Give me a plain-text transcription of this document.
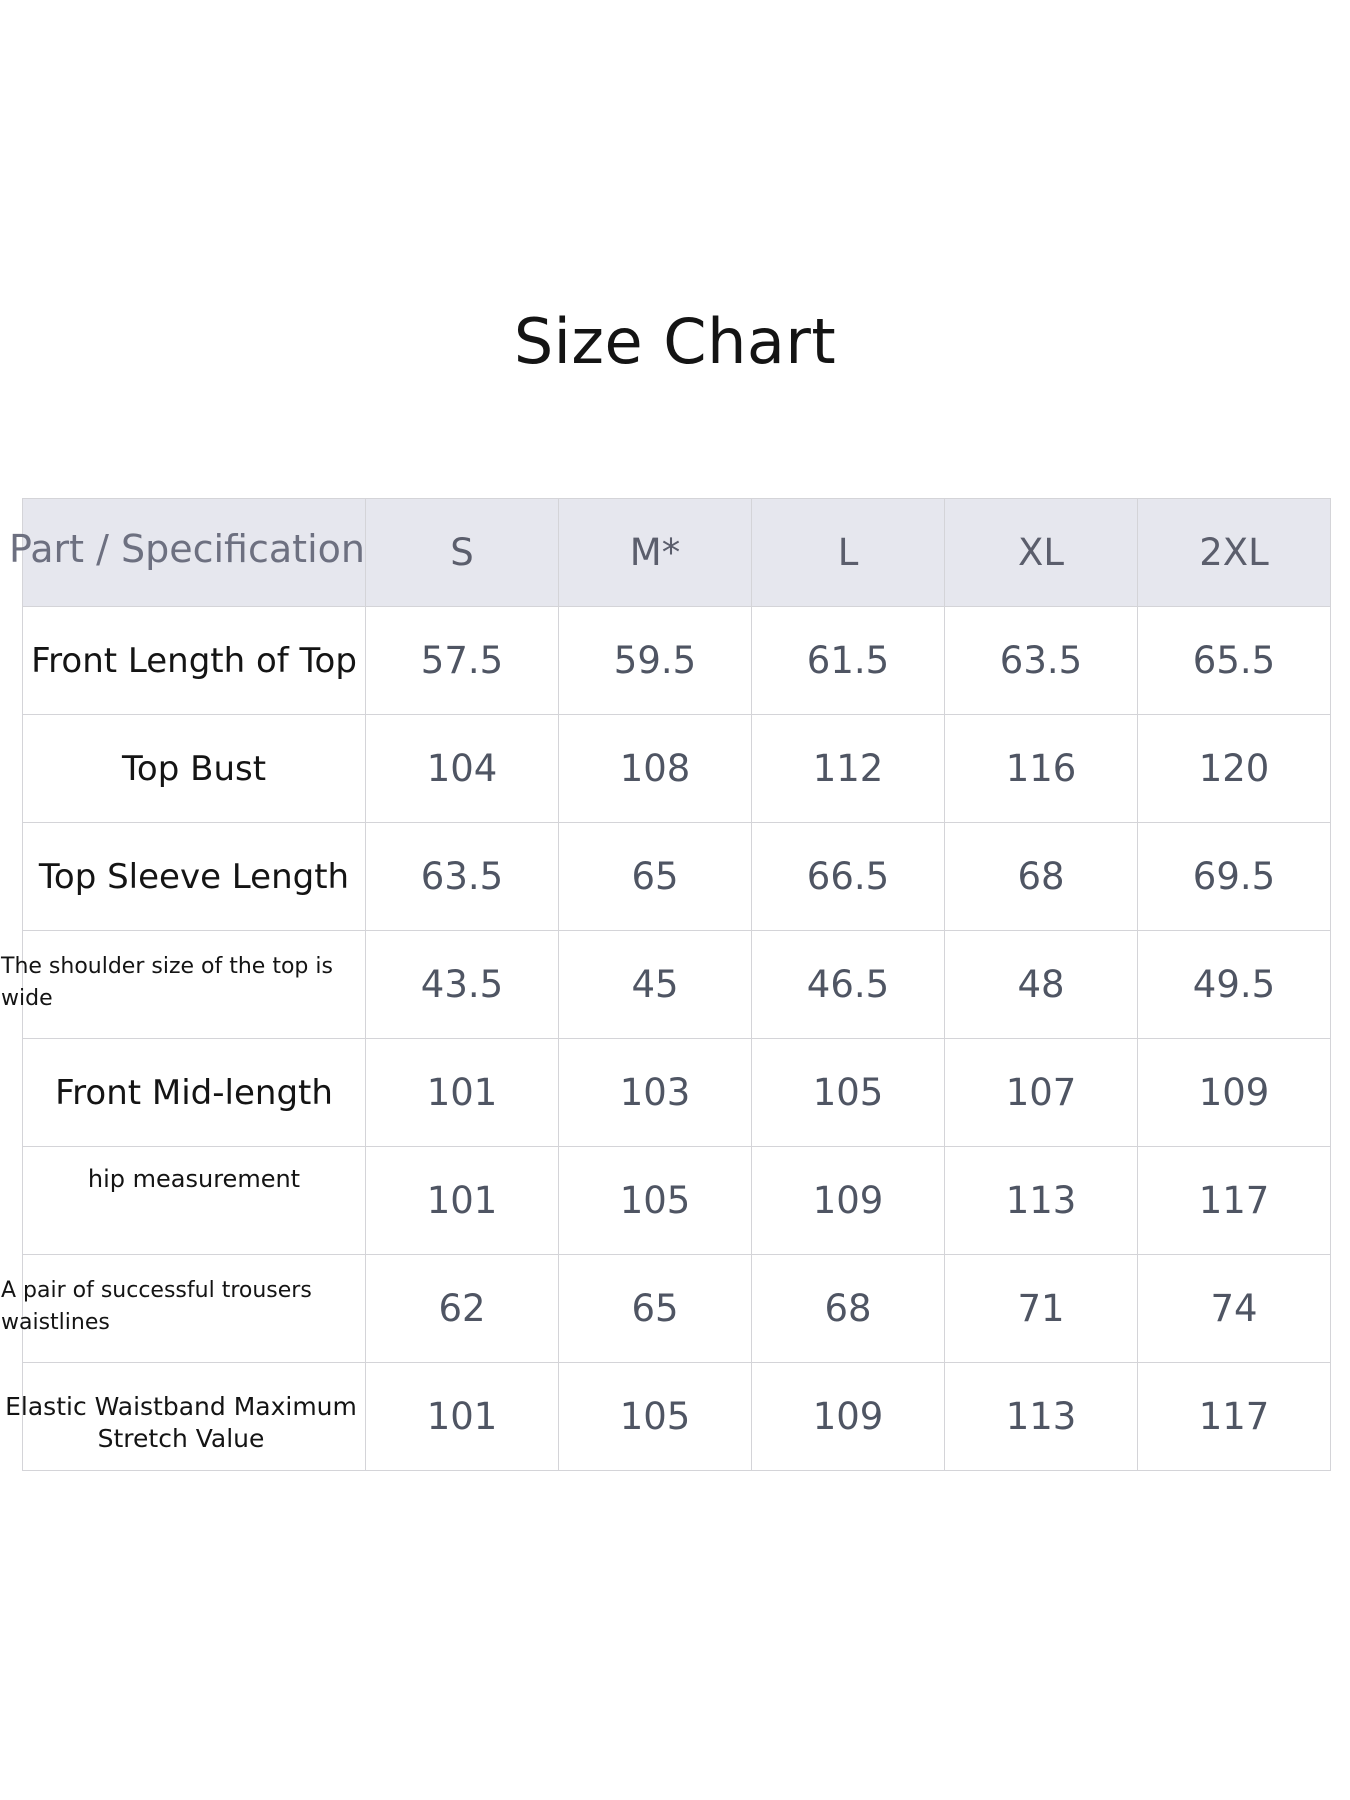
Size Chart
Part / Specification	S	M*	L	XL	2XL
Front Length of Top	57.5	59.5	61.5	63.5	65.5
Top Bust	104	108	112	116	120
Top Sleeve Length	63.5	65	66.5	68	69.5

The shoulder size of the top is wide	43.5	45	46.5	48	49.5
Front Mid-length	101	103	105	107	109

hip measurement	101	105	109	113	117

A pair of successful trousers waistlines	62	65	68	71	74

Elastic Waistband Maximum Stretch Value	101	105	109	113	117
